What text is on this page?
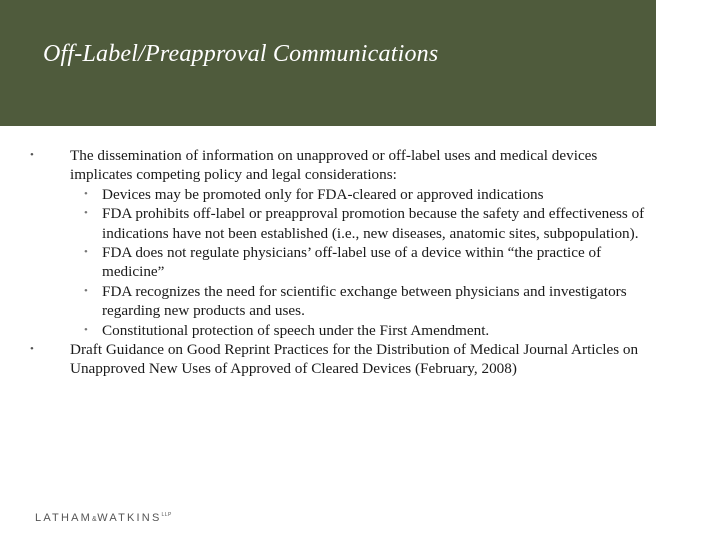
Off-Label/Preapproval Communications
• The dissemination of information on unapproved or off-label uses and medical devices implicates competing policy and legal considerations:
• Devices may be promoted only for FDA-cleared or approved indications
• FDA prohibits off-label or preapproval promotion because the safety and effectiveness of indications have not been established (i.e., new diseases, anatomic sites, subpopulation).
• FDA does not regulate physicians’ off-label use of a device within “the practice of medicine”
• FDA recognizes the need for scientific exchange between physicians and investigators regarding new products and uses.
• Constitutional protection of speech under the First Amendment.
• Draft Guidance on Good Reprint Practices for the Distribution of Medical Journal Articles on Unapproved New Uses of Approved of Cleared Devices (February, 2008)
$LATHAM\&WATKINS^{LLP}$
